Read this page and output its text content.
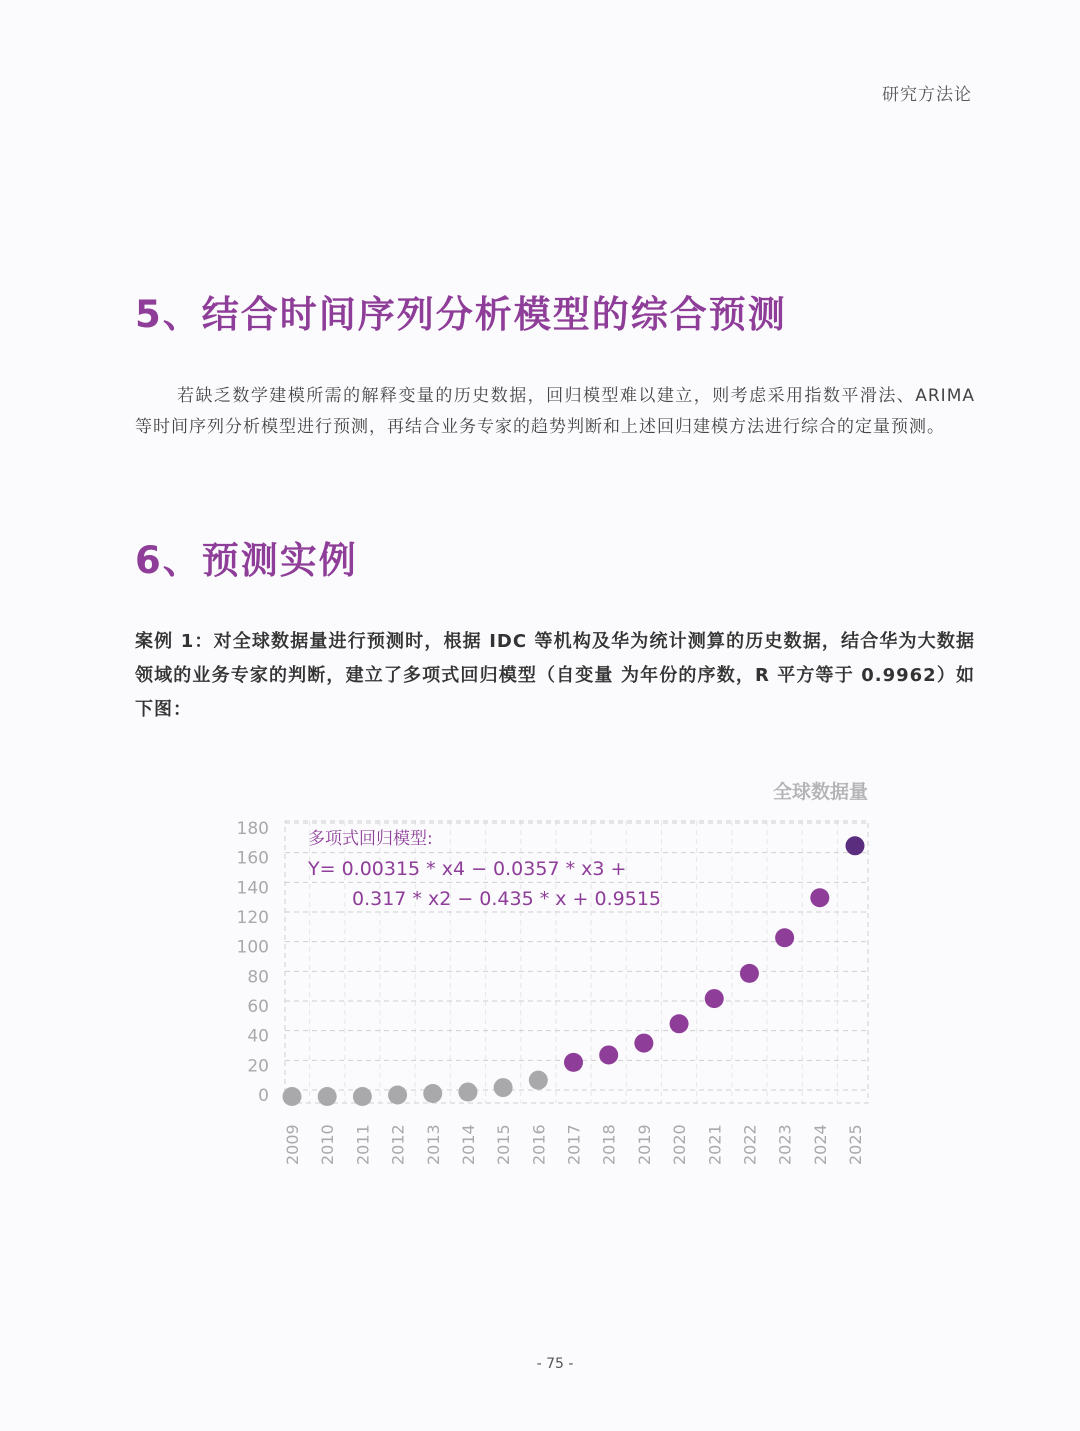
研究方法论
5、结合时间序列分析模型的综合预测

若缺乏数学建模所需的解释变量的历史数据，回归模型难以建立，则考虑采用指数平滑法、ARIMA 等时间序列分析模型进行预测，再结合业务专家的趋势判断和上述回归建模方法进行综合的定量预测。

6、预测实例

案例 1：对全球数据量进行预测时，根据 IDC 等机构及华为统计测算的历史数据，结合华为大数据领域的业务专家的判断，建立了多项式回归模型（自变量 为年份的序数，R 平方等于 0.9962）如下图：

180
160
140
120
100
80
60
40
20
0
2009 2010 2011 2012 2013 2014 2015 2016 2017 2018 2019 2020 2021 2022 2023 2024 2025
全球数据量
多项式回归模型:
Y= 0.00315 * x4 − 0.0357 * x3 +
0.317 * x2 − 0.435 * x + 0.9515
- 75 -
